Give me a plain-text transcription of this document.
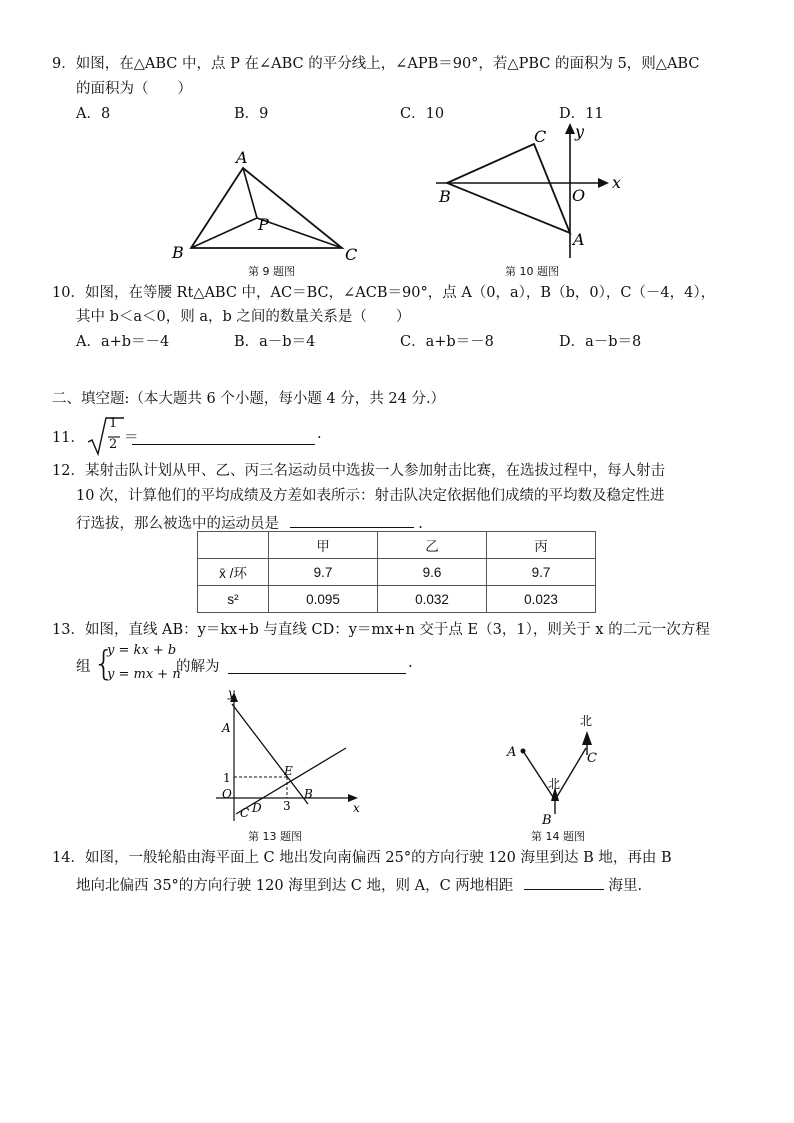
9．如图，在△ABC 中，点 P 在∠ABC 的平分线上，∠APB＝90°，若△PBC 的面积为 5，则△ABC
的面积为（　　）
A．8	B．9	C．10	D．11
A
B	C
P
第 9 题图
C y
x
B	O
A
第 10 题图
10．如图，在等腰 Rt△ABC 中，AC＝BC，∠ACB＝90°，点 A（0，a），B（b，0），C（－4，4），
其中 b＜a＜0，则 a，b 之间的数量关系是（　　）
A．a+b＝－4	B．a－b＝4	C．a+b＝－8	D．a－b＝8
二、填空题:（本大题共 6 个小题，每小题 4 分，共 24 分.）
11．
1
2 ＝	.
12．某射击队计划从甲、乙、丙三名运动员中选拔一人参加射击比赛，在选拔过程中，每人射击
10 次，计算他们的平均成绩及方差如表所示：射击队决定依据他们成绩的平均数及稳定性进
行选拔，那么被选中的运动员是	.
	甲	乙	丙
x̄ /环	9.7	9.6	9.7
s²	0.095	0.032	0.023
13．如图，直线 AB：y＝kx+b 与直线 CD：y＝mx+n 交于点 E（3，1），则关于 x 的二元一次方程
组 {
y = kx + b
y = mx + n
的解为	.
y
A
1	E
O
C D 3
B
x
第 13 题图
北
北
A
B
C
第 14 题图
14．如图，一般轮船由海平面上 C 地出发向南偏西 25°的方向行驶 120 海里到达 B 地，再由 B
地向北偏西 35°的方向行驶 120 海里到达 C 地，则 A，C 两地相距	海里.
